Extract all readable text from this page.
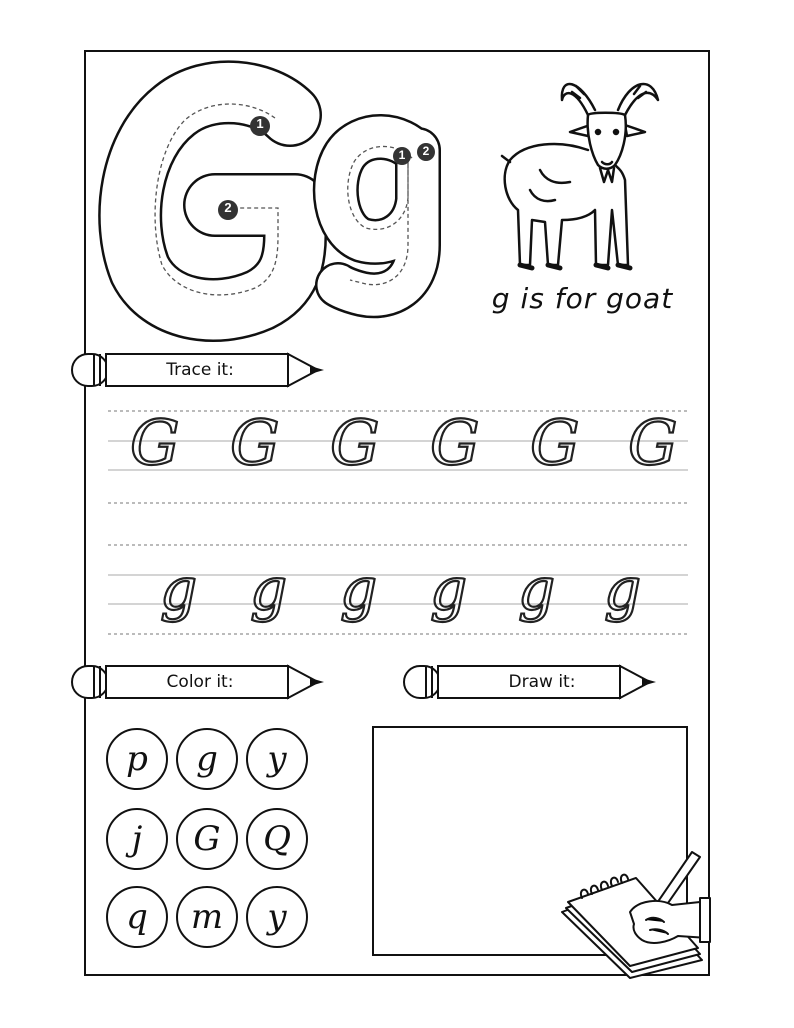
1
2
1 2
g is for goat
Trace it:
G G G G G G
g g g g g g
Color it:	Draw it:
p	g	y
j	G	Q
q	m	y
